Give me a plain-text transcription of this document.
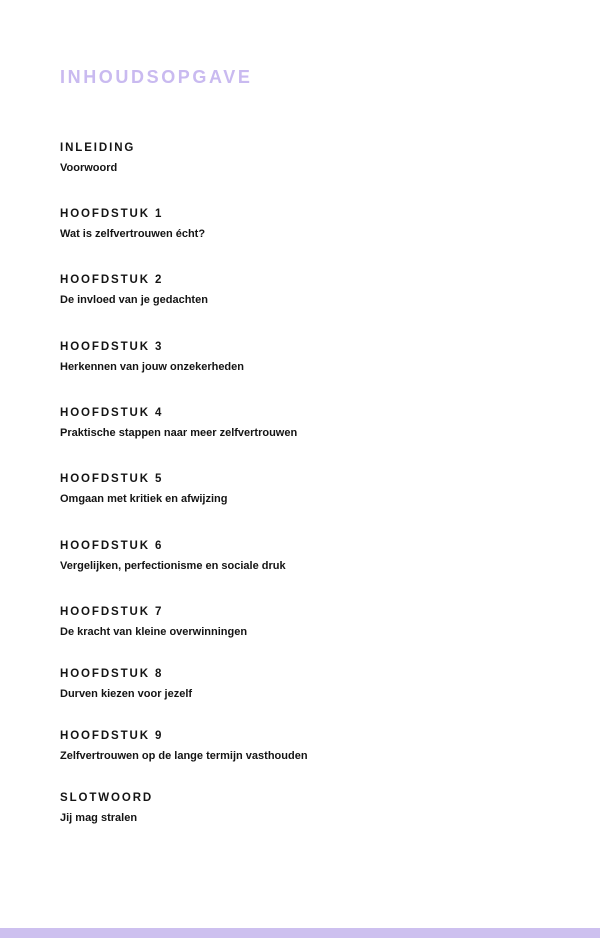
INHOUDSOPGAVE
INLEIDING
Voorwoord
HOOFDSTUK 1
Wat is zelfvertrouwen écht?
HOOFDSTUK 2
De invloed van je gedachten
HOOFDSTUK 3
Herkennen van jouw onzekerheden
HOOFDSTUK 4
Praktische stappen naar meer zelfvertrouwen
HOOFDSTUK 5
Omgaan met kritiek en afwijzing
HOOFDSTUK 6
Vergelijken, perfectionisme en sociale druk
HOOFDSTUK 7
De kracht van kleine overwinningen
HOOFDSTUK 8
Durven kiezen voor jezelf
HOOFDSTUK 9
Zelfvertrouwen op de lange termijn vasthouden
SLOTWOORD
Jij mag stralen
